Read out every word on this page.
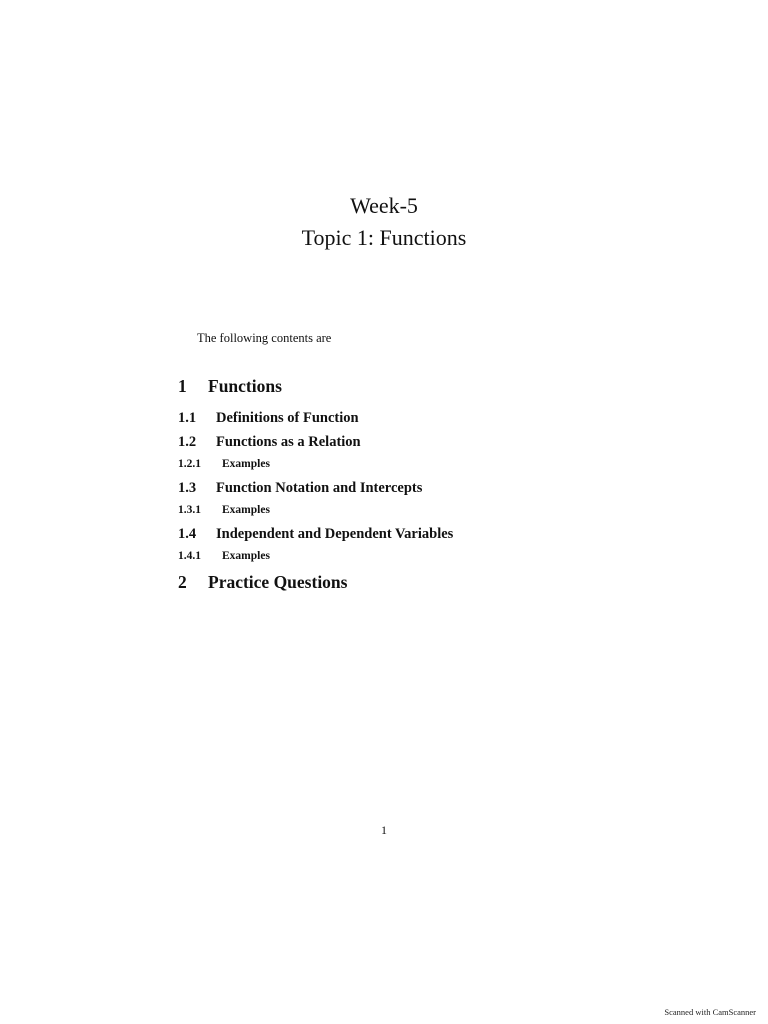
Week-5
Topic 1: Functions
The following contents are
1 Functions
1.1 Definitions of Function
1.2 Functions as a Relation
1.2.1 Examples
1.3 Function Notation and Intercepts
1.3.1 Examples
1.4 Independent and Dependent Variables
1.4.1 Examples
2 Practice Questions
1
Scanned with CamScanner
